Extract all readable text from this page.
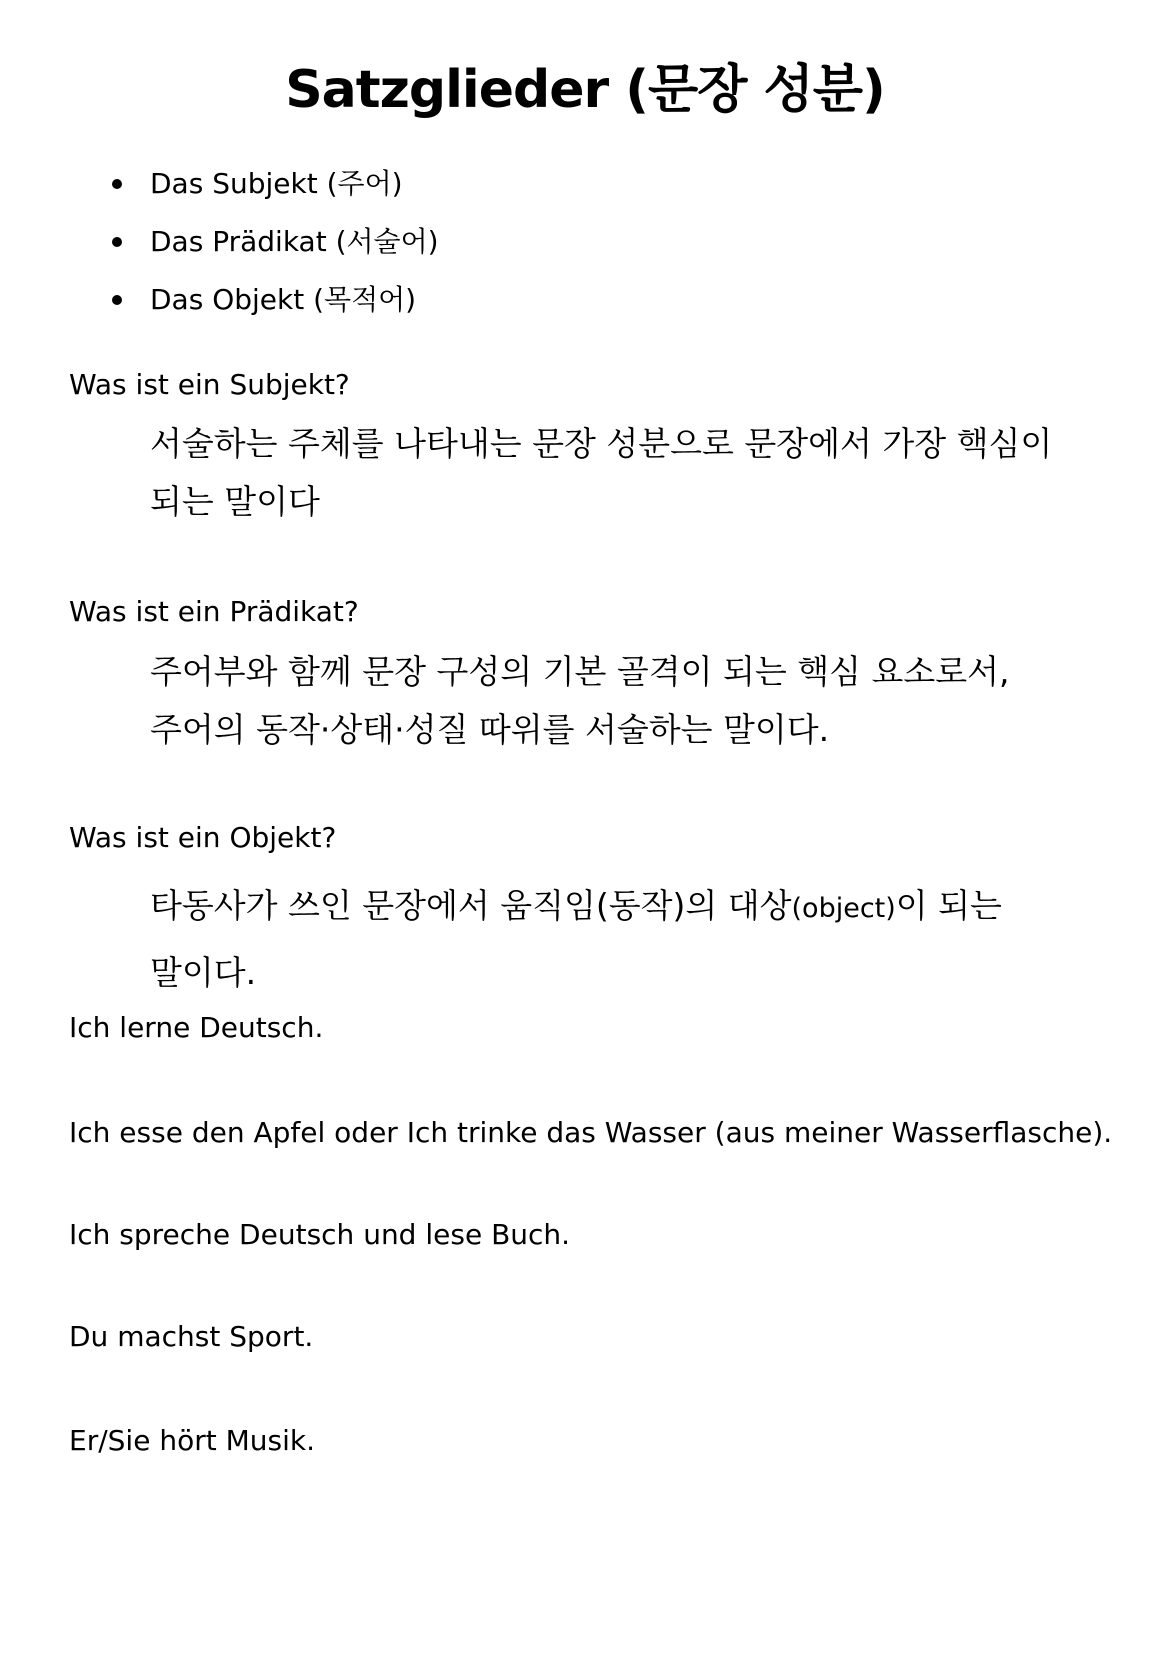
Satzglieder (문장 성분)
Das Subjekt (주어)
Das Prädikat (서술어)
Das Objekt (목적어)
Was ist ein Subjekt?
서술하는 주체를 나타내는 문장 성분으로 문장에서 가장 핵심이
되는 말이다
Was ist ein Prädikat?
주어부와 함께 문장 구성의 기본 골격이 되는 핵심 요소로서,
주어의 동작·상태·성질 따위를 서술하는 말이다.
Was ist ein Objekt?
타동사가 쓰인 문장에서 움직임(동작)의 대상(object)이 되는
말이다.
Ich lerne Deutsch.
Ich esse den Apfel oder Ich trinke das Wasser (aus meiner Wasserflasche).
Ich spreche Deutsch und lese Buch.
Du machst Sport.
Er/Sie hört Musik.
